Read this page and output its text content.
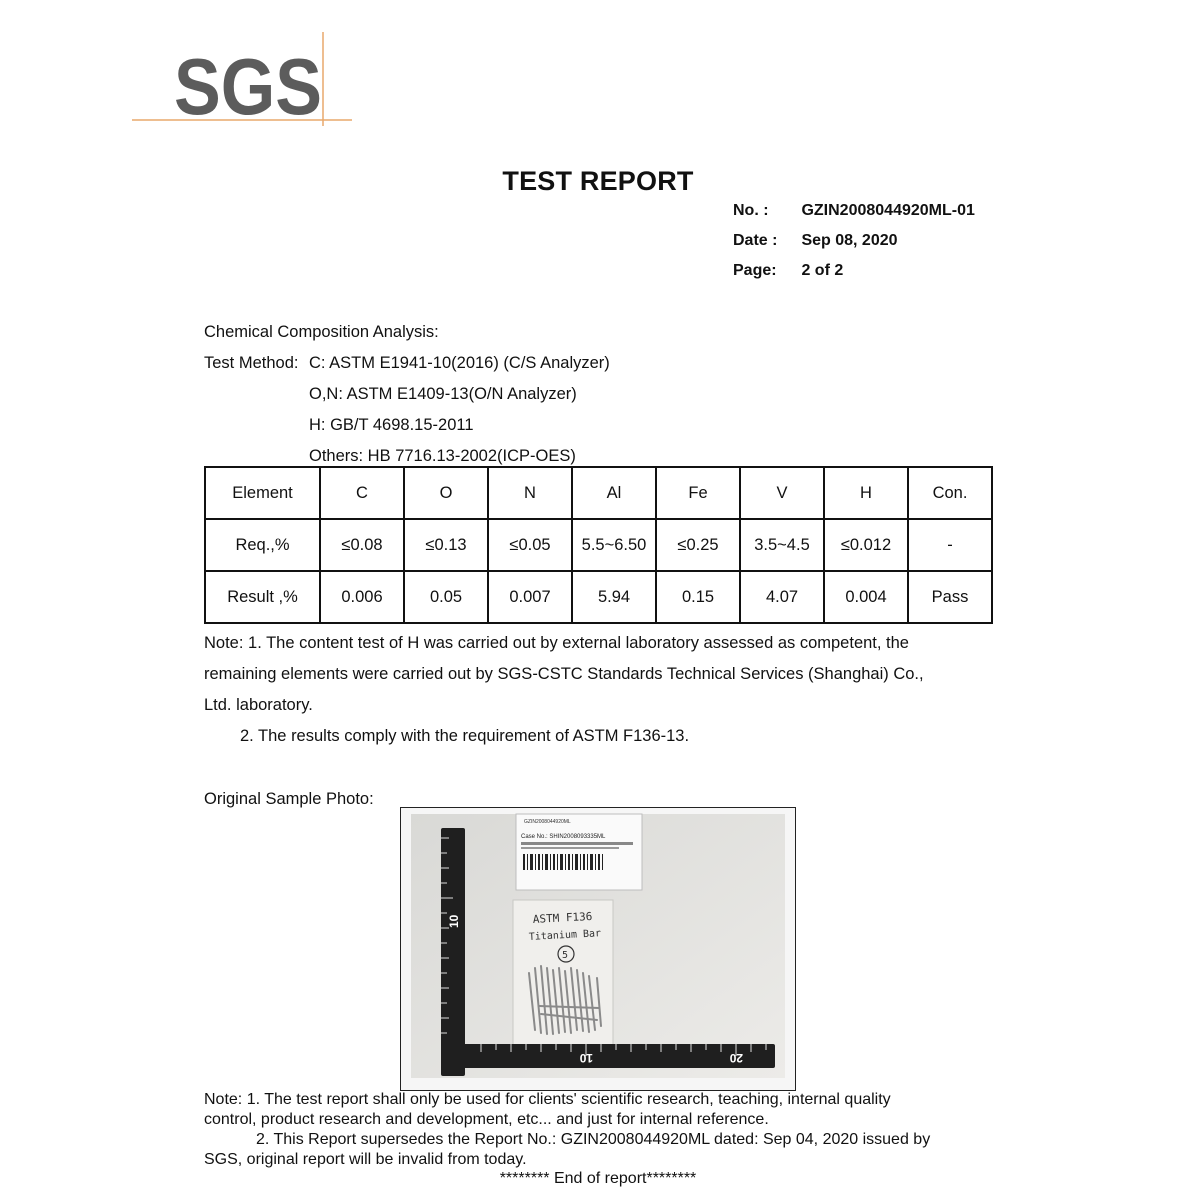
SGS
TEST REPORT
No. : GZIN2008044920ML-01
Date : Sep 08, 2020
Page: 2 of 2
Chemical Composition Analysis:
Test Method: C: ASTM E1941-10(2016) (C/S Analyzer)
O,N: ASTM E1409-13(O/N Analyzer)
H: GB/T 4698.15-2011
Others: HB 7716.13-2002(ICP-OES)
Element	C	O	N	Al	Fe	V	H	Con.
Req.,%	≤0.08	≤0.13	≤0.05	5.5~6.50	≤0.25	3.5~4.5	≤0.012	-
Result ,%	0.006	0.05	0.007	5.94	0.15	4.07	0.004	Pass
Note: 1. The content test of H was carried out by external laboratory assessed as competent, the
remaining elements were carried out by SGS-CSTC Standards Technical Services (Shanghai) Co.,
Ltd. laboratory.
2. The results comply with the requirement of ASTM F136-13.
Original Sample Photo:
GZIN2008044920ML
Case No.: SHIN2008093335ML
ASTM F136
Titanium Bar
5
10
10	20
Note: 1. The test report shall only be used for clients' scientific research, teaching, internal quality
control, product research and development, etc... and just for internal reference.
2. This Report supersedes the Report No.: GZIN2008044920ML dated: Sep 04, 2020 issued by
SGS, original report will be invalid from today.
******** End of report********
